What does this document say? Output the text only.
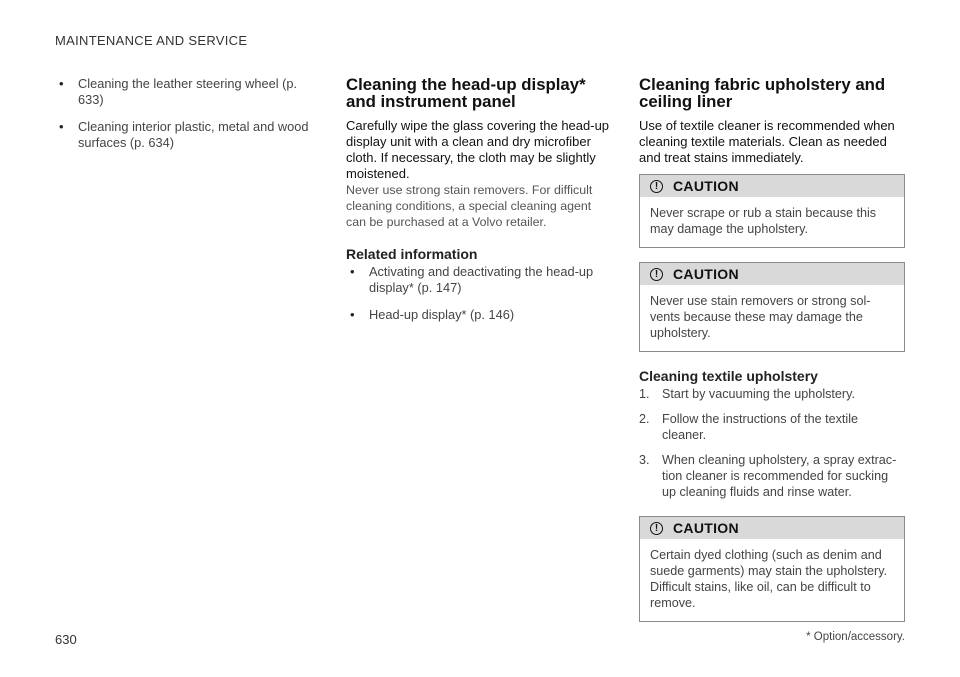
MAINTENANCE AND SERVICE
• Cleaning the leather steering wheel (p. 633)
• Cleaning interior plastic, metal and wood surfaces (p. 634)
Cleaning the head-up display* and instrument panel

Carefully wipe the glass covering the head-up display unit with a clean and dry microfiber cloth. If necessary, the cloth may be slightly moistened.

Never use strong stain removers. For difficult cleaning conditions, a special cleaning agent can be purchased at a Volvo retailer.

Related information
• Activating and deactivating the head-up display* (p. 147)
• Head-up display* (p. 146)
Cleaning fabric upholstery and ceiling liner

Use of textile cleaner is recommended when cleaning textile materials. Clean as needed and treat stains immediately.

!	CAUTION
Never scrape or rub a stain because this may damage the upholstery.
!	CAUTION
Never use stain removers or strong sol-vents because these may damage the upholstery.
Cleaning textile upholstery
1. Start by vacuuming the upholstery.
2. Follow the instructions of the textile cleaner.
3. When cleaning upholstery, a spray extrac-tion cleaner is recommended for sucking up cleaning fluids and rinse water.
!	CAUTION
Certain dyed clothing (such as denim and suede garments) may stain the upholstery. Difficult stains, like oil, can be difficult to remove.
630	* Option/accessory.
